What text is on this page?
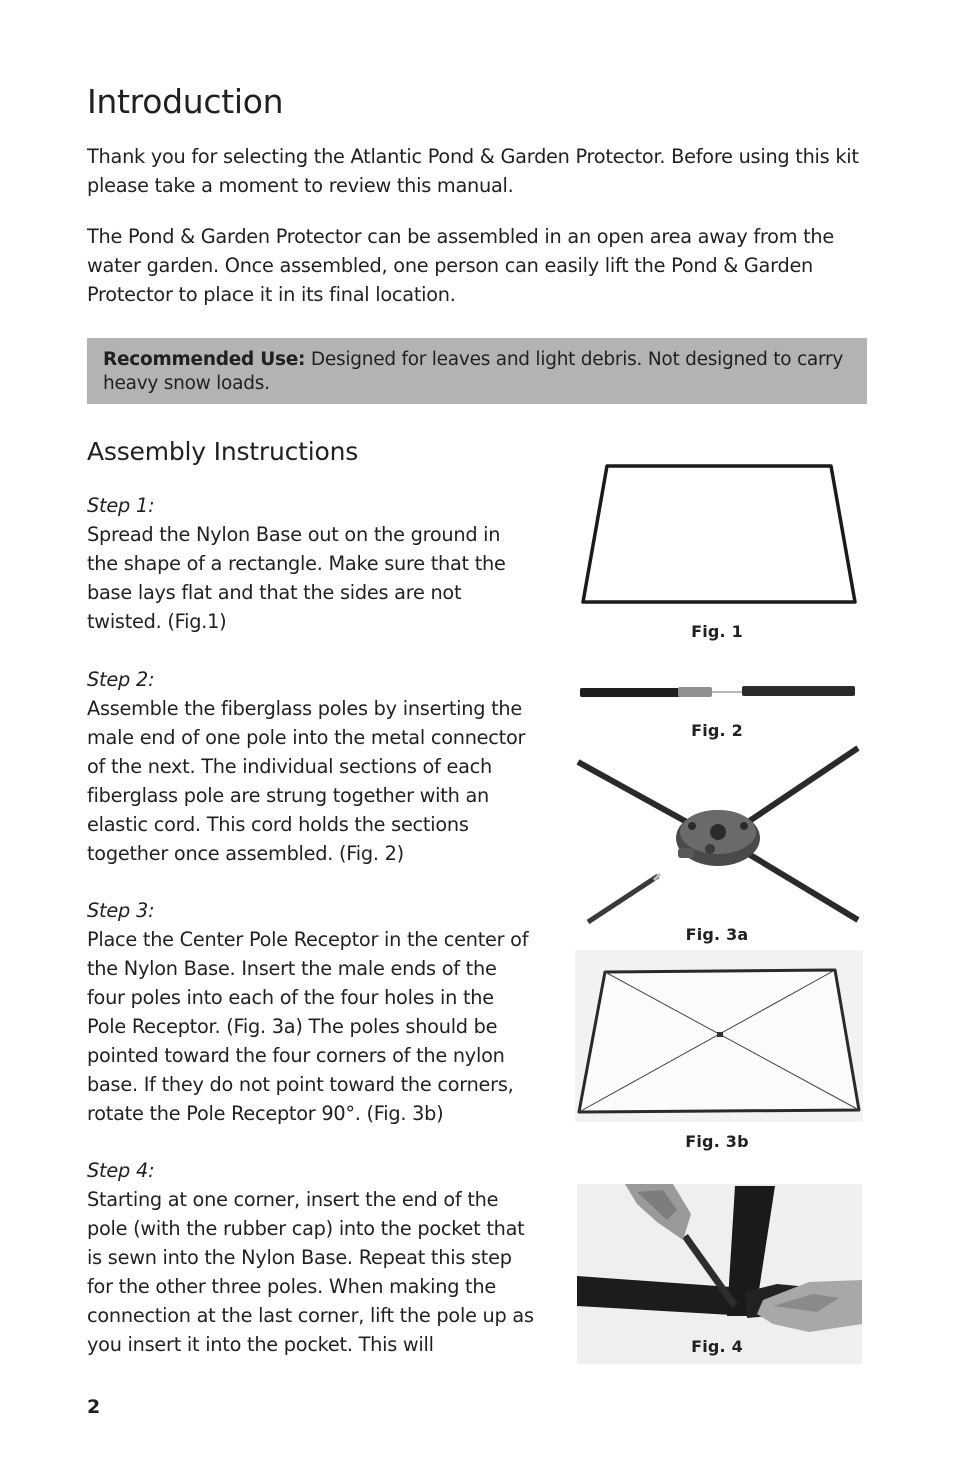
Introduction

Thank you for selecting the Atlantic Pond & Garden Protector. Before using this kit please take a moment to review this manual.

The Pond & Garden Protector can be assembled in an open area away from the water garden. Once assembled, one person can easily lift the Pond & Garden Protector to place it in its final location.

Recommended Use: Designed for leaves and light debris. Not designed to carry heavy snow loads.
Assembly Instructions
Step 1:

Spread the Nylon Base out on the ground in the shape of a rectangle. Make sure that the base lays flat and that the sides are not twisted. (Fig.1)

Step 2:

Assemble the fiberglass poles by inserting the male end of one pole into the metal connector of the next. The individual sections of each fiberglass pole are strung together with an elastic cord. This cord holds the sections together once assembled. (Fig. 2)

Step 3:

Place the Center Pole Receptor in the center of the Nylon Base. Insert the male ends of the four poles into each of the four holes in the Pole Receptor. (Fig. 3a) The poles should be pointed toward the four corners of the nylon base. If they do not point toward the corners, rotate the Pole Receptor 90°. (Fig. 3b)

Step 4:

Starting at one corner, insert the end of the pole (with the rubber cap) into the pocket that is sewn into the Nylon Base. Repeat this step for the other three poles. When making the connection at the last corner, lift the pole up as you insert it into the pocket. This will

Fig. 1
Fig. 2
Fig. 3a
Fig. 3b
Fig. 4
2
